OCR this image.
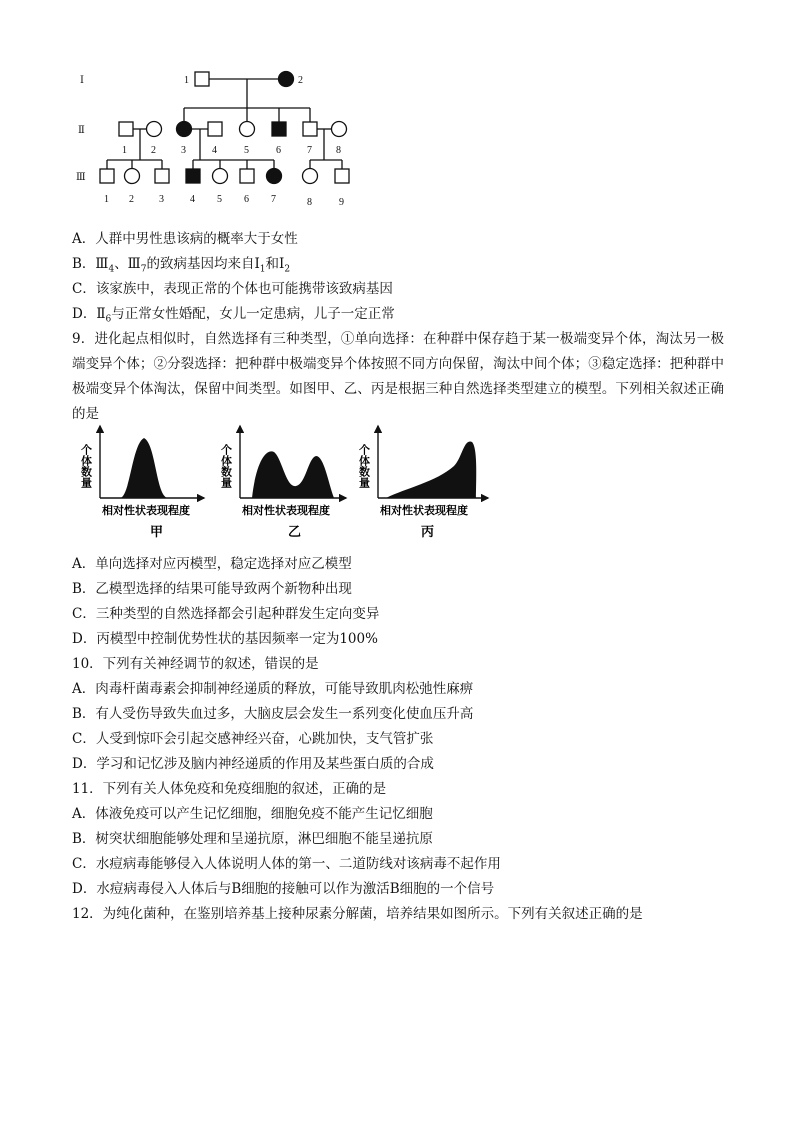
Ⅰ
Ⅱ
Ⅲ
1	2
1 2	3	4	5	6	7 8
1 2	3	4 5 6 7	8	9
A．人群中男性患该病的概率大于女性
B．$Ⅲ_4$、$Ⅲ_7$的致病基因均来自$Ⅰ_1$和$Ⅰ_2$
C．该家族中，表现正常的个体也可能携带该致病基因
D．$Ⅱ_6$与正常女性婚配，女儿一定患病，儿子一定正常
9．进化起点相似时，自然选择有三种类型，①单向选择：在种群中保存趋于某一极端变异个体，淘汰另一极端变异个体；②分裂选择：把种群中极端变异个体按照不同方向保留，淘汰中间个体；③稳定选择：把种群中极端变异个体淘汰，保留中间类型。如图甲、乙、丙是根据三种自然选择类型建立的模型。下列相关叙述正确的是
个体数量
相对性状表现程度
甲
个体数量
相对性状表现程度
乙
个体数量
相对性状表现程度
丙
A．单向选择对应丙模型，稳定选择对应乙模型
B．乙模型选择的结果可能导致两个新物种出现
C．三种类型的自然选择都会引起种群发生定向变异
D．丙模型中控制优势性状的基因频率一定为100%
10．下列有关神经调节的叙述，错误的是
A．肉毒杆菌毒素会抑制神经递质的释放，可能导致肌肉松弛性麻痹
B．有人受伤导致失血过多，大脑皮层会发生一系列变化使血压升高
C．人受到惊吓会引起交感神经兴奋，心跳加快，支气管扩张
D．学习和记忆涉及脑内神经递质的作用及某些蛋白质的合成
11．下列有关人体免疫和免疫细胞的叙述，正确的是
A．体液免疫可以产生记忆细胞，细胞免疫不能产生记忆细胞
B．树突状细胞能够处理和呈递抗原，淋巴细胞不能呈递抗原
C．水痘病毒能够侵入人体说明人体的第一、二道防线对该病毒不起作用
D．水痘病毒侵入人体后与B细胞的接触可以作为激活B细胞的一个信号
12．为纯化菌种，在鉴别培养基上接种尿素分解菌，培养结果如图所示。下列有关叙述正确的是
